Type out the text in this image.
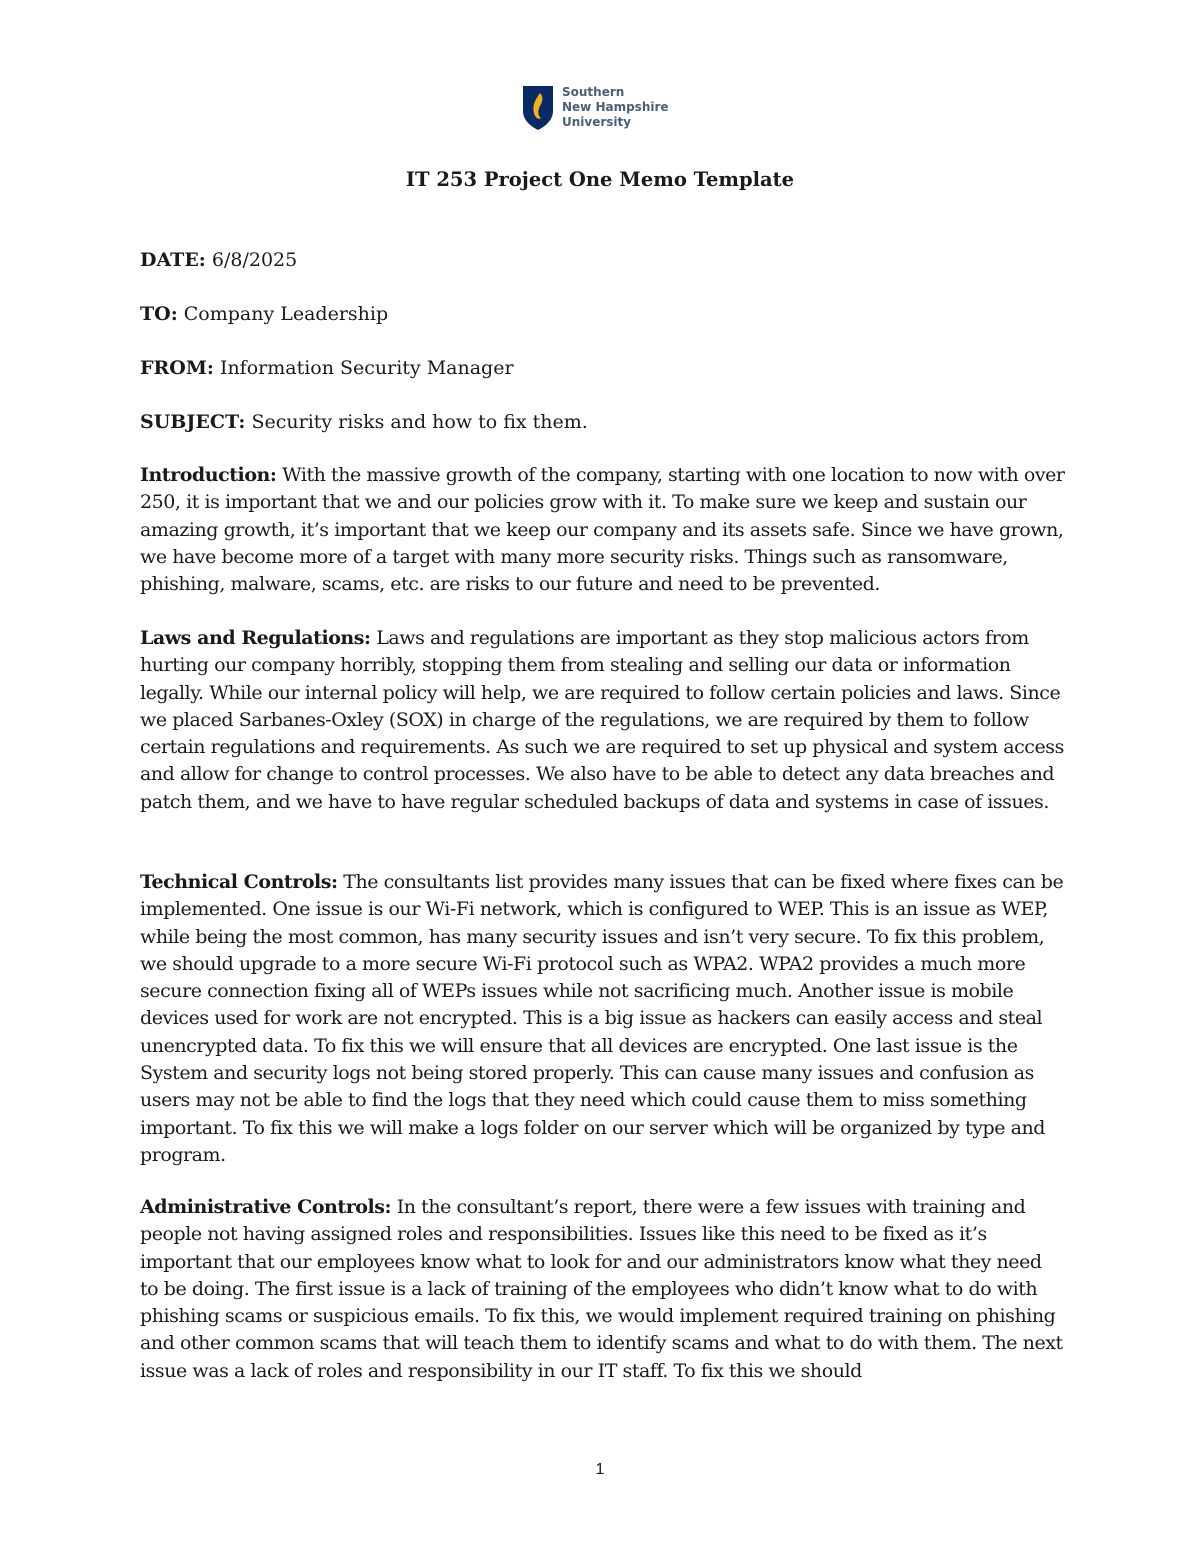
Southern
New Hampshire
University
IT 253 Project One Memo Template

DATE: 6/8/2025

TO: Company Leadership

FROM: Information Security Manager

SUBJECT: Security risks and how to fix them.

Introduction: With the massive growth of the company, starting with one location to now with over 250, it is important that we and our policies grow with it. To make sure we keep and sustain our amazing growth, it’s important that we keep our company and its assets safe. Since we have grown, we have become more of a target with many more security risks. Things such as ransomware, phishing, malware, scams, etc. are risks to our future and need to be prevented.

Laws and Regulations: Laws and regulations are important as they stop malicious actors from hurting our company horribly, stopping them from stealing and selling our data or information legally. While our internal policy will help, we are required to follow certain policies and laws. Since we placed Sarbanes-Oxley (SOX) in charge of the regulations, we are required by them to follow certain regulations and requirements. As such we are required to set up physical and system access and allow for change to control processes. We also have to be able to detect any data breaches and patch them, and we have to have regular scheduled backups of data and systems in case of issues.

Technical Controls: The consultants list provides many issues that can be fixed where fixes can be implemented. One issue is our Wi-Fi network, which is configured to WEP. This is an issue as WEP, while being the most common, has many security issues and isn’t very secure. To fix this problem, we should upgrade to a more secure Wi-Fi protocol such as WPA2. WPA2 provides a much more secure connection fixing all of WEPs issues while not sacrificing much. Another issue is mobile devices used for work are not encrypted. This is a big issue as hackers can easily access and steal unencrypted data. To fix this we will ensure that all devices are encrypted. One last issue is the System and security logs not being stored properly. This can cause many issues and confusion as users may not be able to find the logs that they need which could cause them to miss something important. To fix this we will make a logs folder on our server which will be organized by type and program.

Administrative Controls: In the consultant’s report, there were a few issues with training and people not having assigned roles and responsibilities. Issues like this need to be fixed as it’s important that our employees know what to look for and our administrators know what they need to be doing. The first issue is a lack of training of the employees who didn’t know what to do with phishing scams or suspicious emails. To fix this, we would implement required training on phishing and other common scams that will teach them to identify scams and what to do with them. The next issue was a lack of roles and responsibility in our IT staff. To fix this we should

1
